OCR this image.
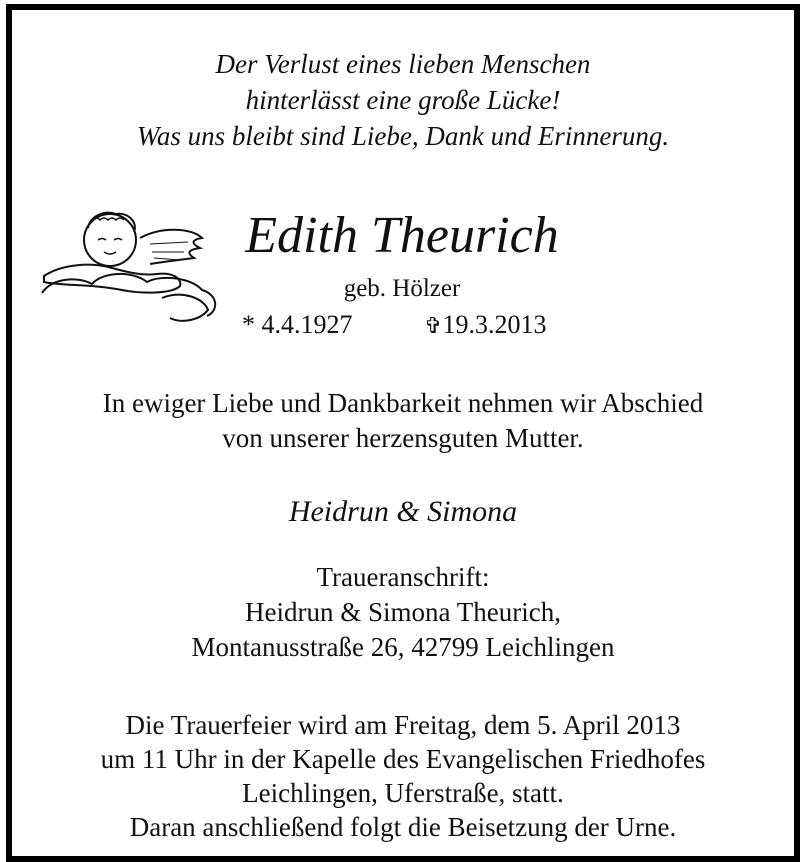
Der Verlust eines lieben Menschen
hinterlässt eine große Lücke!
Was uns bleibt sind Liebe, Dank und Erinnerung.
Edith Theurich
geb. Hölzer
* 4.4.1927	✞19.3.2013
In ewiger Liebe und Dankbarkeit nehmen wir Abschied
von unserer herzensguten Mutter.
Heidrun & Simona
Traueranschrift:
Heidrun & Simona Theurich,
Montanusstraße 26, 42799 Leichlingen
Die Trauerfeier wird am Freitag, dem 5. April 2013
um 11 Uhr in der Kapelle des Evangelischen Friedhofes
Leichlingen, Uferstraße, statt.
Daran anschließend folgt die Beisetzung der Urne.
